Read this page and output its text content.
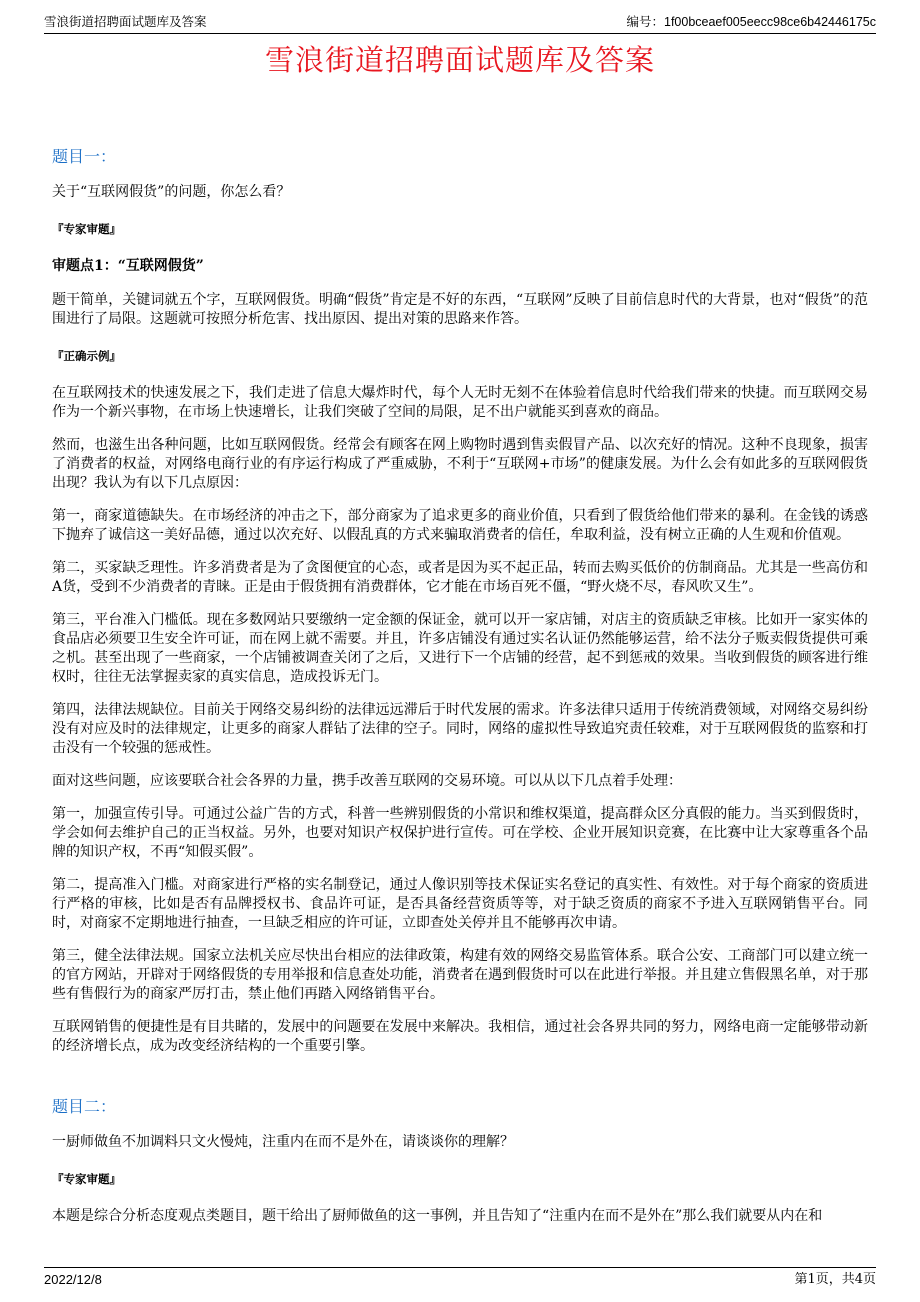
雪浪街道招聘面试题库及答案	编号：1f00bceaef005eecc98ce6b42446175c
雪浪街道招聘面试题库及答案
题目一：
关于“互联网假货”的问题，你怎么看？
『专家审题』
审题点1：“互联网假货”
题干简单，关键词就五个字，互联网假货。明确“假货”肯定是不好的东西，“互联网”反映了目前信息时代的大背景，也对“假货”的范围进行了局限。这题就可按照分析危害、找出原因、提出对策的思路来作答。
『正确示例』
在互联网技术的快速发展之下，我们走进了信息大爆炸时代，每个人无时无刻不在体验着信息时代给我们带来的快捷。而互联网交易作为一个新兴事物，在市场上快速增长，让我们突破了空间的局限，足不出户就能买到喜欢的商品。
然而，也滋生出各种问题，比如互联网假货。经常会有顾客在网上购物时遇到售卖假冒产品、以次充好的情况。这种不良现象，损害了消费者的权益，对网络电商行业的有序运行构成了严重威胁，不利于“互联网+市场”的健康发展。为什么会有如此多的互联网假货出现？我认为有以下几点原因：
第一，商家道德缺失。在市场经济的冲击之下，部分商家为了追求更多的商业价值，只看到了假货给他们带来的暴利。在金钱的诱惑下抛弃了诚信这一美好品德，通过以次充好、以假乱真的方式来骗取消费者的信任，牟取利益，没有树立正确的人生观和价值观。
第二，买家缺乏理性。许多消费者是为了贪图便宜的心态，或者是因为买不起正品，转而去购买低价的仿制商品。尤其是一些高仿和A货，受到不少消费者的青睐。正是由于假货拥有消费群体，它才能在市场百死不僵，“野火烧不尽，春风吹又生”。
第三，平台准入门槛低。现在多数网站只要缴纳一定金额的保证金，就可以开一家店铺，对店主的资质缺乏审核。比如开一家实体的食品店必须要卫生安全许可证，而在网上就不需要。并且，许多店铺没有通过实名认证仍然能够运营，给不法分子贩卖假货提供可乘之机。甚至出现了一些商家，一个店铺被调查关闭了之后，又进行下一个店铺的经营，起不到惩戒的效果。当收到假货的顾客进行维权时，往往无法掌握卖家的真实信息，造成投诉无门。
第四，法律法规缺位。目前关于网络交易纠纷的法律远远滞后于时代发展的需求。许多法律只适用于传统消费领域，对网络交易纠纷没有对应及时的法律规定，让更多的商家人群钻了法律的空子。同时，网络的虚拟性导致追究责任较难，对于互联网假货的监察和打击没有一个较强的惩戒性。
面对这些问题，应该要联合社会各界的力量，携手改善互联网的交易环境。可以从以下几点着手处理：
第一，加强宣传引导。可通过公益广告的方式，科普一些辨别假货的小常识和维权渠道，提高群众区分真假的能力。当买到假货时，学会如何去维护自己的正当权益。另外，也要对知识产权保护进行宣传。可在学校、企业开展知识竞赛，在比赛中让大家尊重各个品牌的知识产权，不再“知假买假”。
第二，提高准入门槛。对商家进行严格的实名制登记，通过人像识别等技术保证实名登记的真实性、有效性。对于每个商家的资质进行严格的审核，比如是否有品牌授权书、食品许可证，是否具备经营资质等等，对于缺乏资质的商家不予进入互联网销售平台。同时，对商家不定期地进行抽查，一旦缺乏相应的许可证，立即查处关停并且不能够再次申请。
第三，健全法律法规。国家立法机关应尽快出台相应的法律政策，构建有效的网络交易监管体系。联合公安、工商部门可以建立统一的官方网站，开辟对于网络假货的专用举报和信息查处功能，消费者在遇到假货时可以在此进行举报。并且建立售假黑名单，对于那些有售假行为的商家严厉打击，禁止他们再踏入网络销售平台。
互联网销售的便捷性是有目共睹的，发展中的问题要在发展中来解决。我相信，通过社会各界共同的努力，网络电商一定能够带动新的经济增长点，成为改变经济结构的一个重要引擎。
题目二：
一厨师做鱼不加调料只文火慢炖，注重内在而不是外在，请谈谈你的理解？
『专家审题』
本题是综合分析态度观点类题目，题干给出了厨师做鱼的这一事例，并且告知了“注重内在而不是外在”那么我们就要从内在和
2022/12/8	第1页，共4页
